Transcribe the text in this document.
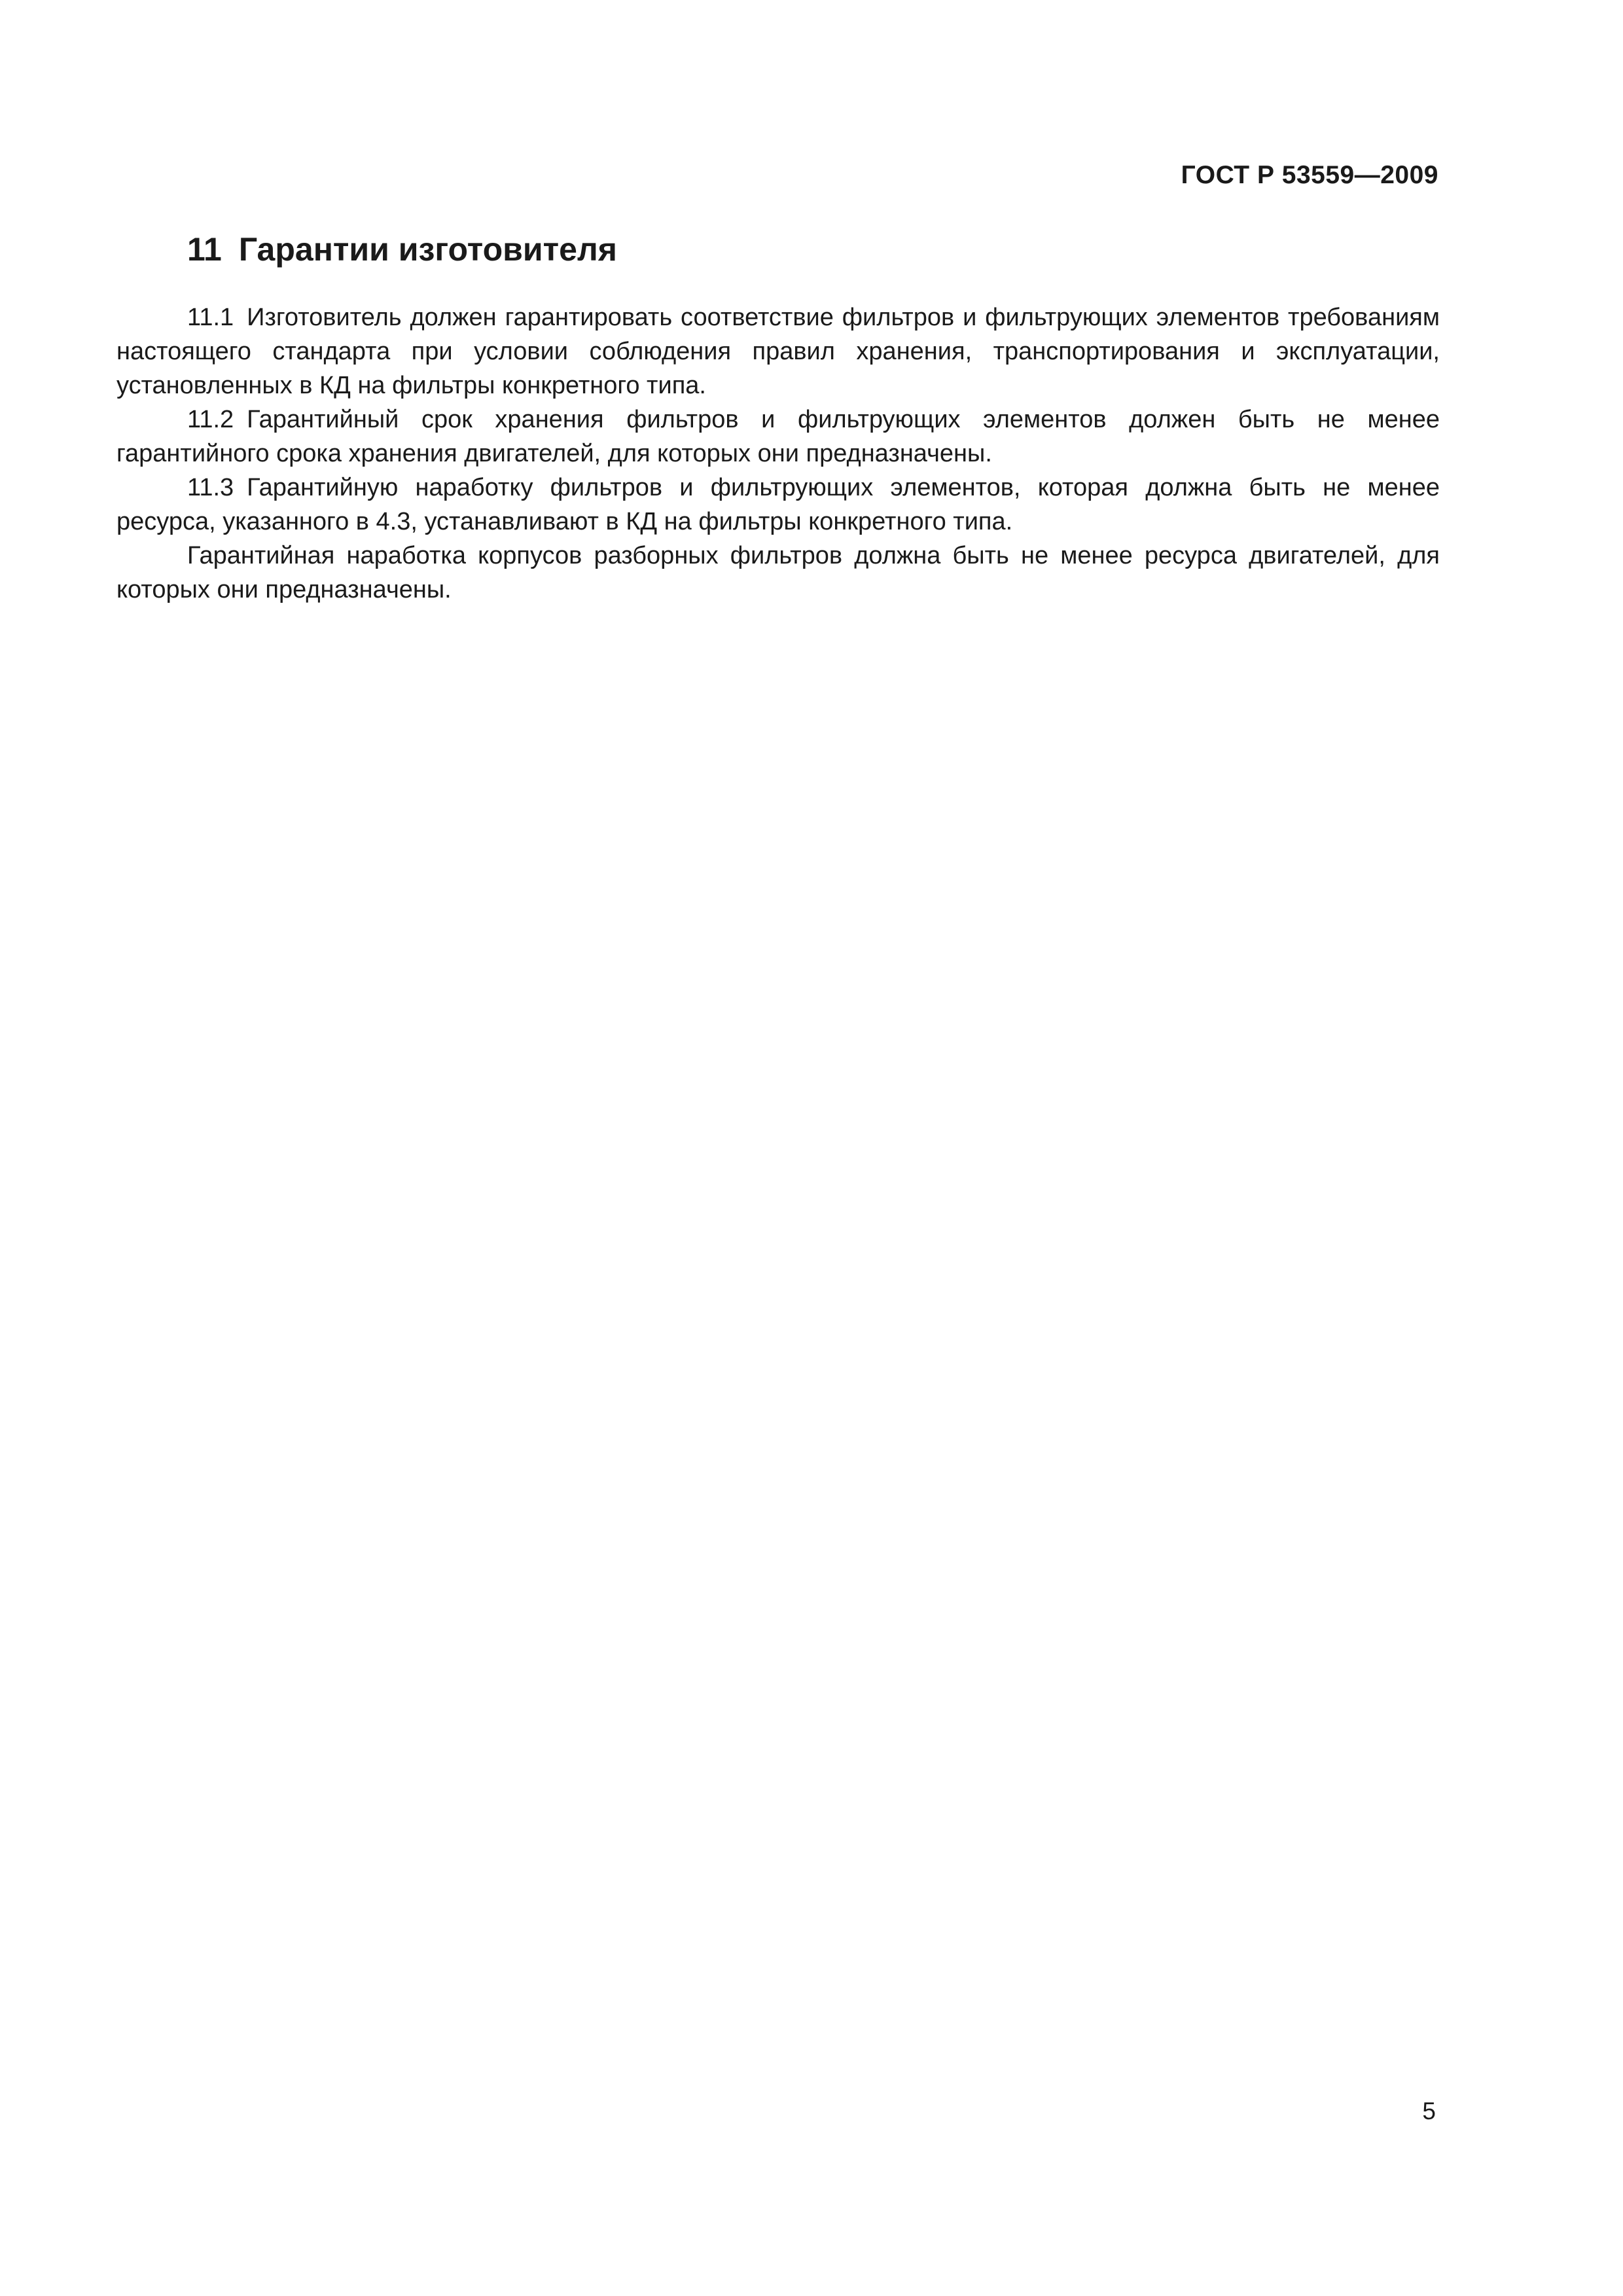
ГОСТ Р 53559—2009
11 Гарантии изготовителя

11.1 Изготовитель должен гарантировать соответствие фильтров и фильтрующих элементов требованиям настоящего стандарта при условии соблюдения правил хранения, транспортирования и эксплуатации, установленных в КД на фильтры конкретного типа.

11.2 Гарантийный срок хранения фильтров и фильтрующих элементов должен быть не менее гарантийного срока хранения двигателей, для которых они предназначены.

11.3 Гарантийную наработку фильтров и фильтрующих элементов, которая должна быть не менее ресурса, указанного в 4.3, устанавливают в КД на фильтры конкретного типа.

Гарантийная наработка корпусов разборных фильтров должна быть не менее ресурса двигателей, для которых они предназначены.

5
